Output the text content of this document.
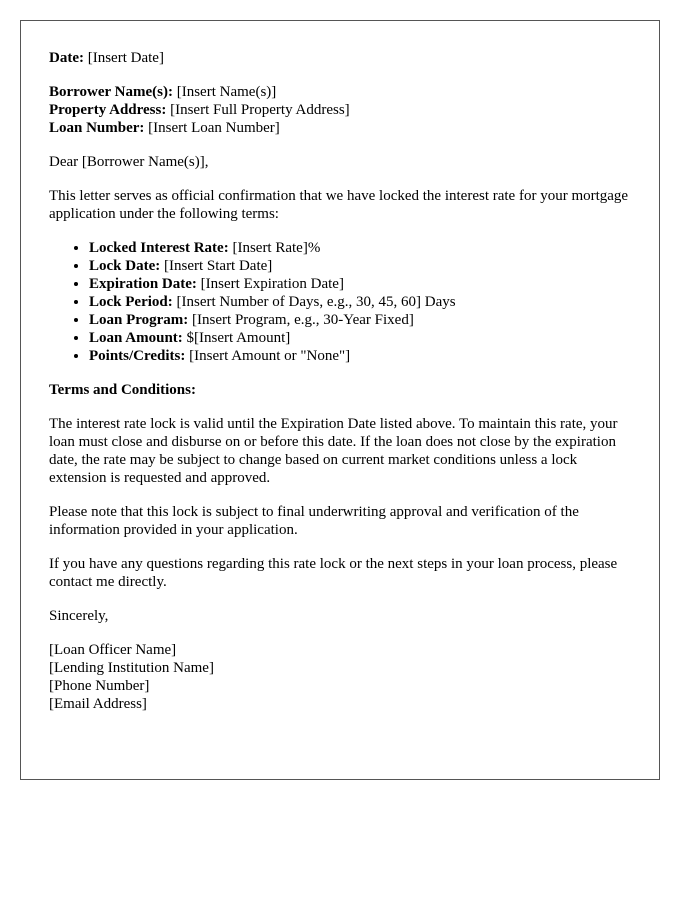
Date: [Insert Date]

Borrower Name(s): [Insert Name(s)]
Property Address: [Insert Full Property Address]
Loan Number: [Insert Loan Number]

Dear [Borrower Name(s)],

This letter serves as official confirmation that we have locked the interest rate for your mortgage application under the following terms:

• Locked Interest Rate: [Insert Rate]%
• Lock Date: [Insert Start Date]
• Expiration Date: [Insert Expiration Date]
• Lock Period: [Insert Number of Days, e.g., 30, 45, 60] Days
• Loan Program: [Insert Program, e.g., 30-Year Fixed]
• Loan Amount: $[Insert Amount]
• Points/Credits: [Insert Amount or "None"]

Terms and Conditions:

The interest rate lock is valid until the Expiration Date listed above. To maintain this rate, your loan must close and disburse on or before this date. If the loan does not close by the expiration date, the rate may be subject to change based on current market conditions unless a lock extension is requested and approved.

Please note that this lock is subject to final underwriting approval and verification of the information provided in your application.

If you have any questions regarding this rate lock or the next steps in your loan process, please contact me directly.

Sincerely,

[Loan Officer Name]
[Lending Institution Name]
[Phone Number]
[Email Address]
